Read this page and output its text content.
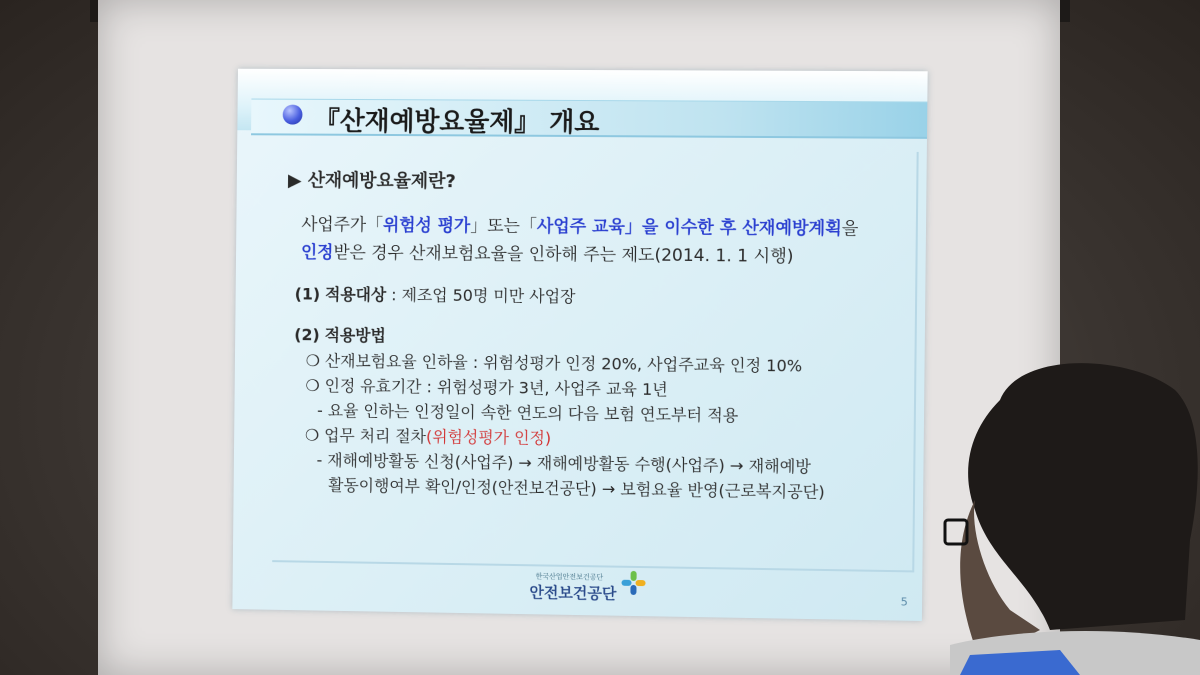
『산재예방요율제』 개요
▶ 산재예방요율제란?
사업주가「위험성 평가」또는「사업주 교육」을 이수한 후 산재예방계획을
인정받은 경우 산재보험요율을 인하해 주는 제도(2014. 1. 1 시행)
(1) 적용대상 : 제조업 50명 미만 사업장
(2) 적용방법
❍ 산재보험요율 인하율 : 위험성평가 인정 20%, 사업주교육 인정 10%
❍ 인정 유효기간 : 위험성평가 3년, 사업주 교육 1년
- 요율 인하는 인정일이 속한 연도의 다음 보험 연도부터 적용
❍ 업무 처리 절차(위험성평가 인정)
- 재해예방활동 신청(사업주) → 재해예방활동 수행(사업주) → 재해예방
활동이행여부 확인/인정(안전보건공단) → 보험요율 반영(근로복지공단)
한국산업안전보건공단
안전보건공단	5
